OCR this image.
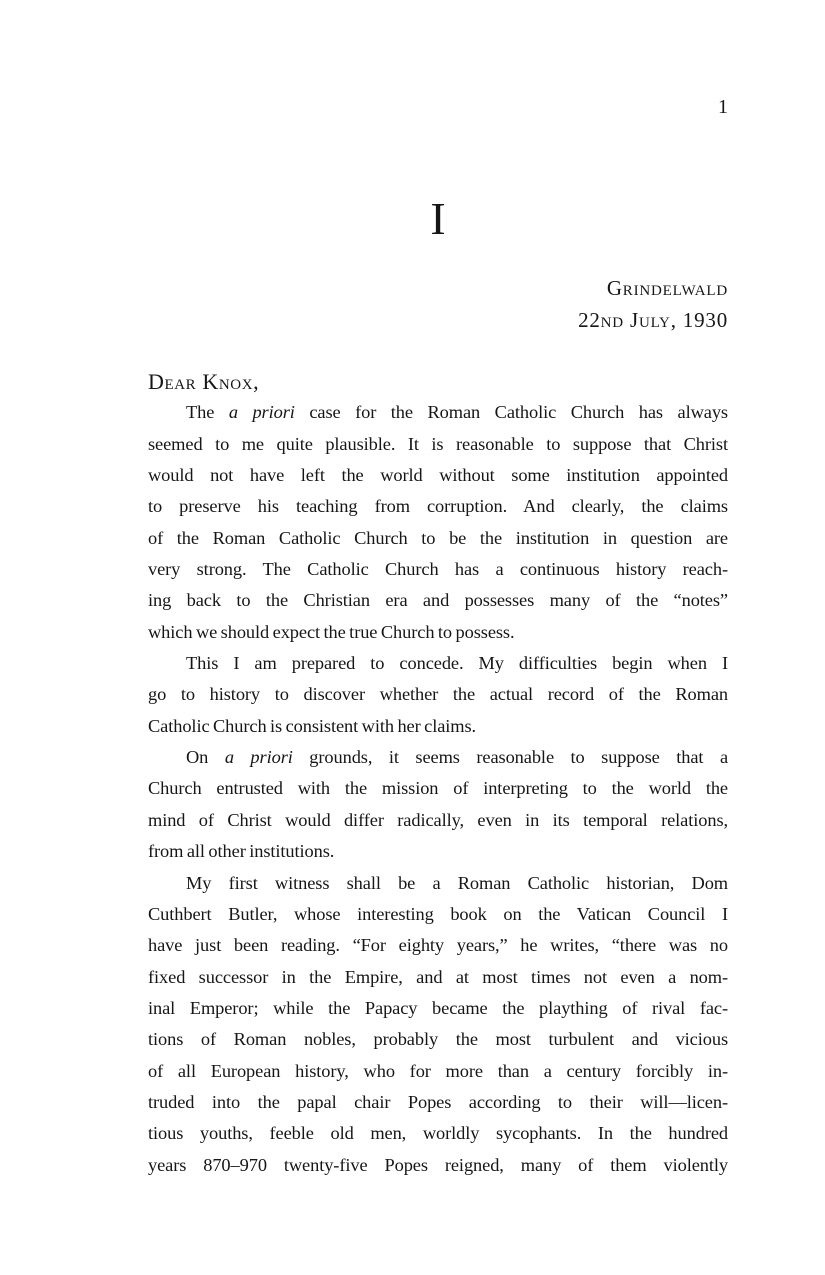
1
I
Grindelwald
22nd July, 1930
Dear Knox,
The a priori case for the Roman Catholic Church has always
seemed to me quite plausible. It is reasonable to suppose that Christ
would not have left the world without some institution appointed
to preserve his teaching from corruption. And clearly, the claims
of the Roman Catholic Church to be the institution in question are
very strong. The Catholic Church has a continuous history reach-
ing back to the Christian era and possesses many of the “notes”
which we should expect the true Church to possess.
This I am prepared to concede. My difficulties begin when I
go to history to discover whether the actual record of the Roman
Catholic Church is consistent with her claims.
On a priori grounds, it seems reasonable to suppose that a
Church entrusted with the mission of interpreting to the world the
mind of Christ would differ radically, even in its temporal relations,
from all other institutions.
My first witness shall be a Roman Catholic historian, Dom
Cuthbert Butler, whose interesting book on the Vatican Council I
have just been reading. “For eighty years,” he writes, “there was no
fixed successor in the Empire, and at most times not even a nom-
inal Emperor; while the Papacy became the plaything of rival fac-
tions of Roman nobles, probably the most turbulent and vicious
of all European history, who for more than a century forcibly in-
truded into the papal chair Popes according to their will—licen-
tious youths, feeble old men, worldly sycophants. In the hundred
years 870–970 twenty-five Popes reigned, many of them violently
